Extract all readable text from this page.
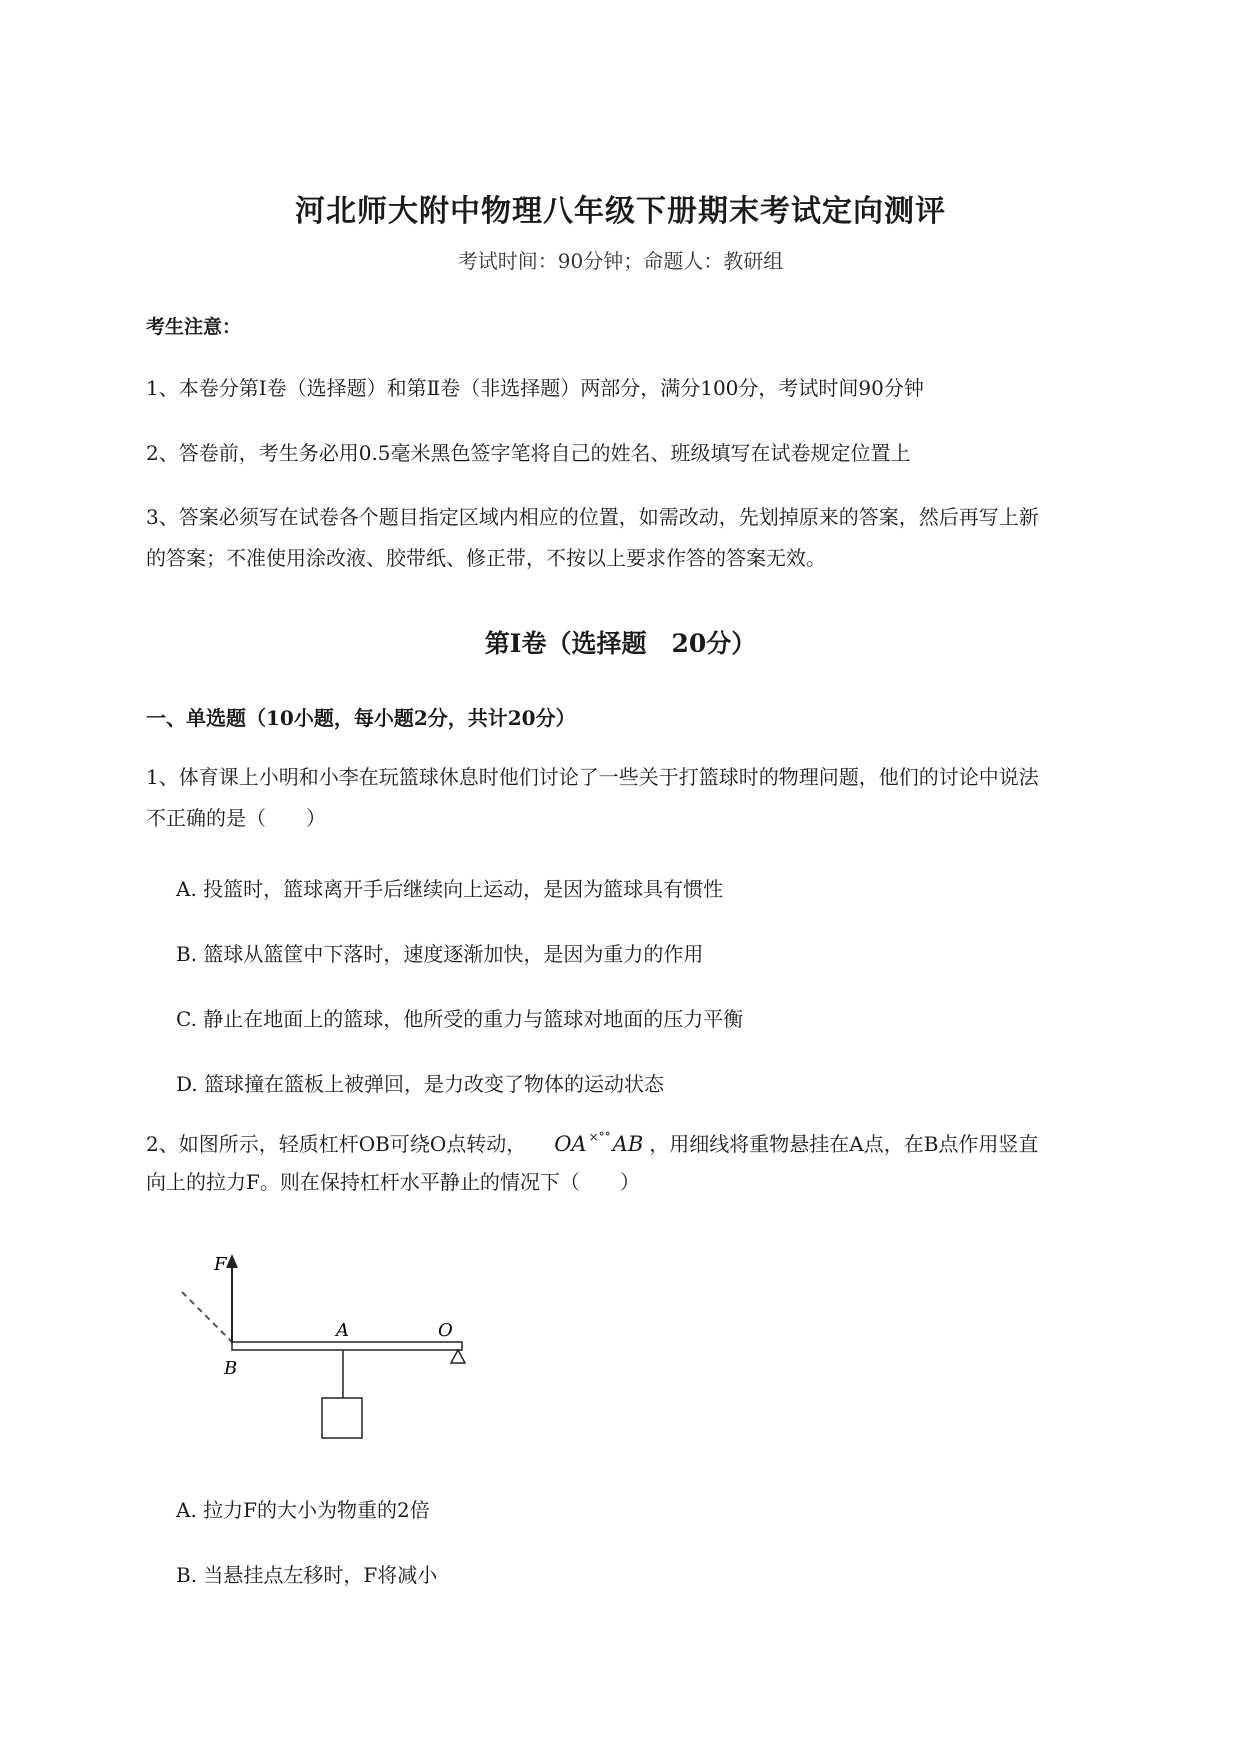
河北师大附中物理八年级下册期末考试定向测评
考试时间：90分钟；命题人：教研组
考生注意：
1、本卷分第Ⅰ卷（选择题）和第Ⅱ卷（非选择题）两部分，满分100分，考试时间90分钟
2、答卷前，考生务必用0.5毫米黑色签字笔将自己的姓名、班级填写在试卷规定位置上
3、答案必须写在试卷各个题目指定区域内相应的位置，如需改动，先划掉原来的答案，然后再写上新
的答案；不准使用涂改液、胶带纸、修正带，不按以上要求作答的答案无效。
第Ⅰ卷（选择题　20分）
一、单选题（10小题，每小题2分，共计20分）
1、体育课上小明和小李在玩篮球休息时他们讨论了一些关于打篮球时的物理问题，他们的讨论中说法
不正确的是（　　）
A. 投篮时，篮球离开手后继续向上运动，是因为篮球具有惯性
B. 篮球从篮筐中下落时，速度逐渐加快，是因为重力的作用
C. 静止在地面上的篮球，他所受的重力与篮球对地面的压力平衡
D. 篮球撞在篮板上被弹回，是力改变了物体的运动状态
2、如图所示，轻质杠杆OB可绕O点转动， OA ×°°AB ，用细线将重物悬挂在A点，在B点作用竖直
向上的拉力F。则在保持杠杆水平静止的情况下（　　）
F
B
A	O
A. 拉力F的大小为物重的2倍
B. 当悬挂点左移时，F将减小
